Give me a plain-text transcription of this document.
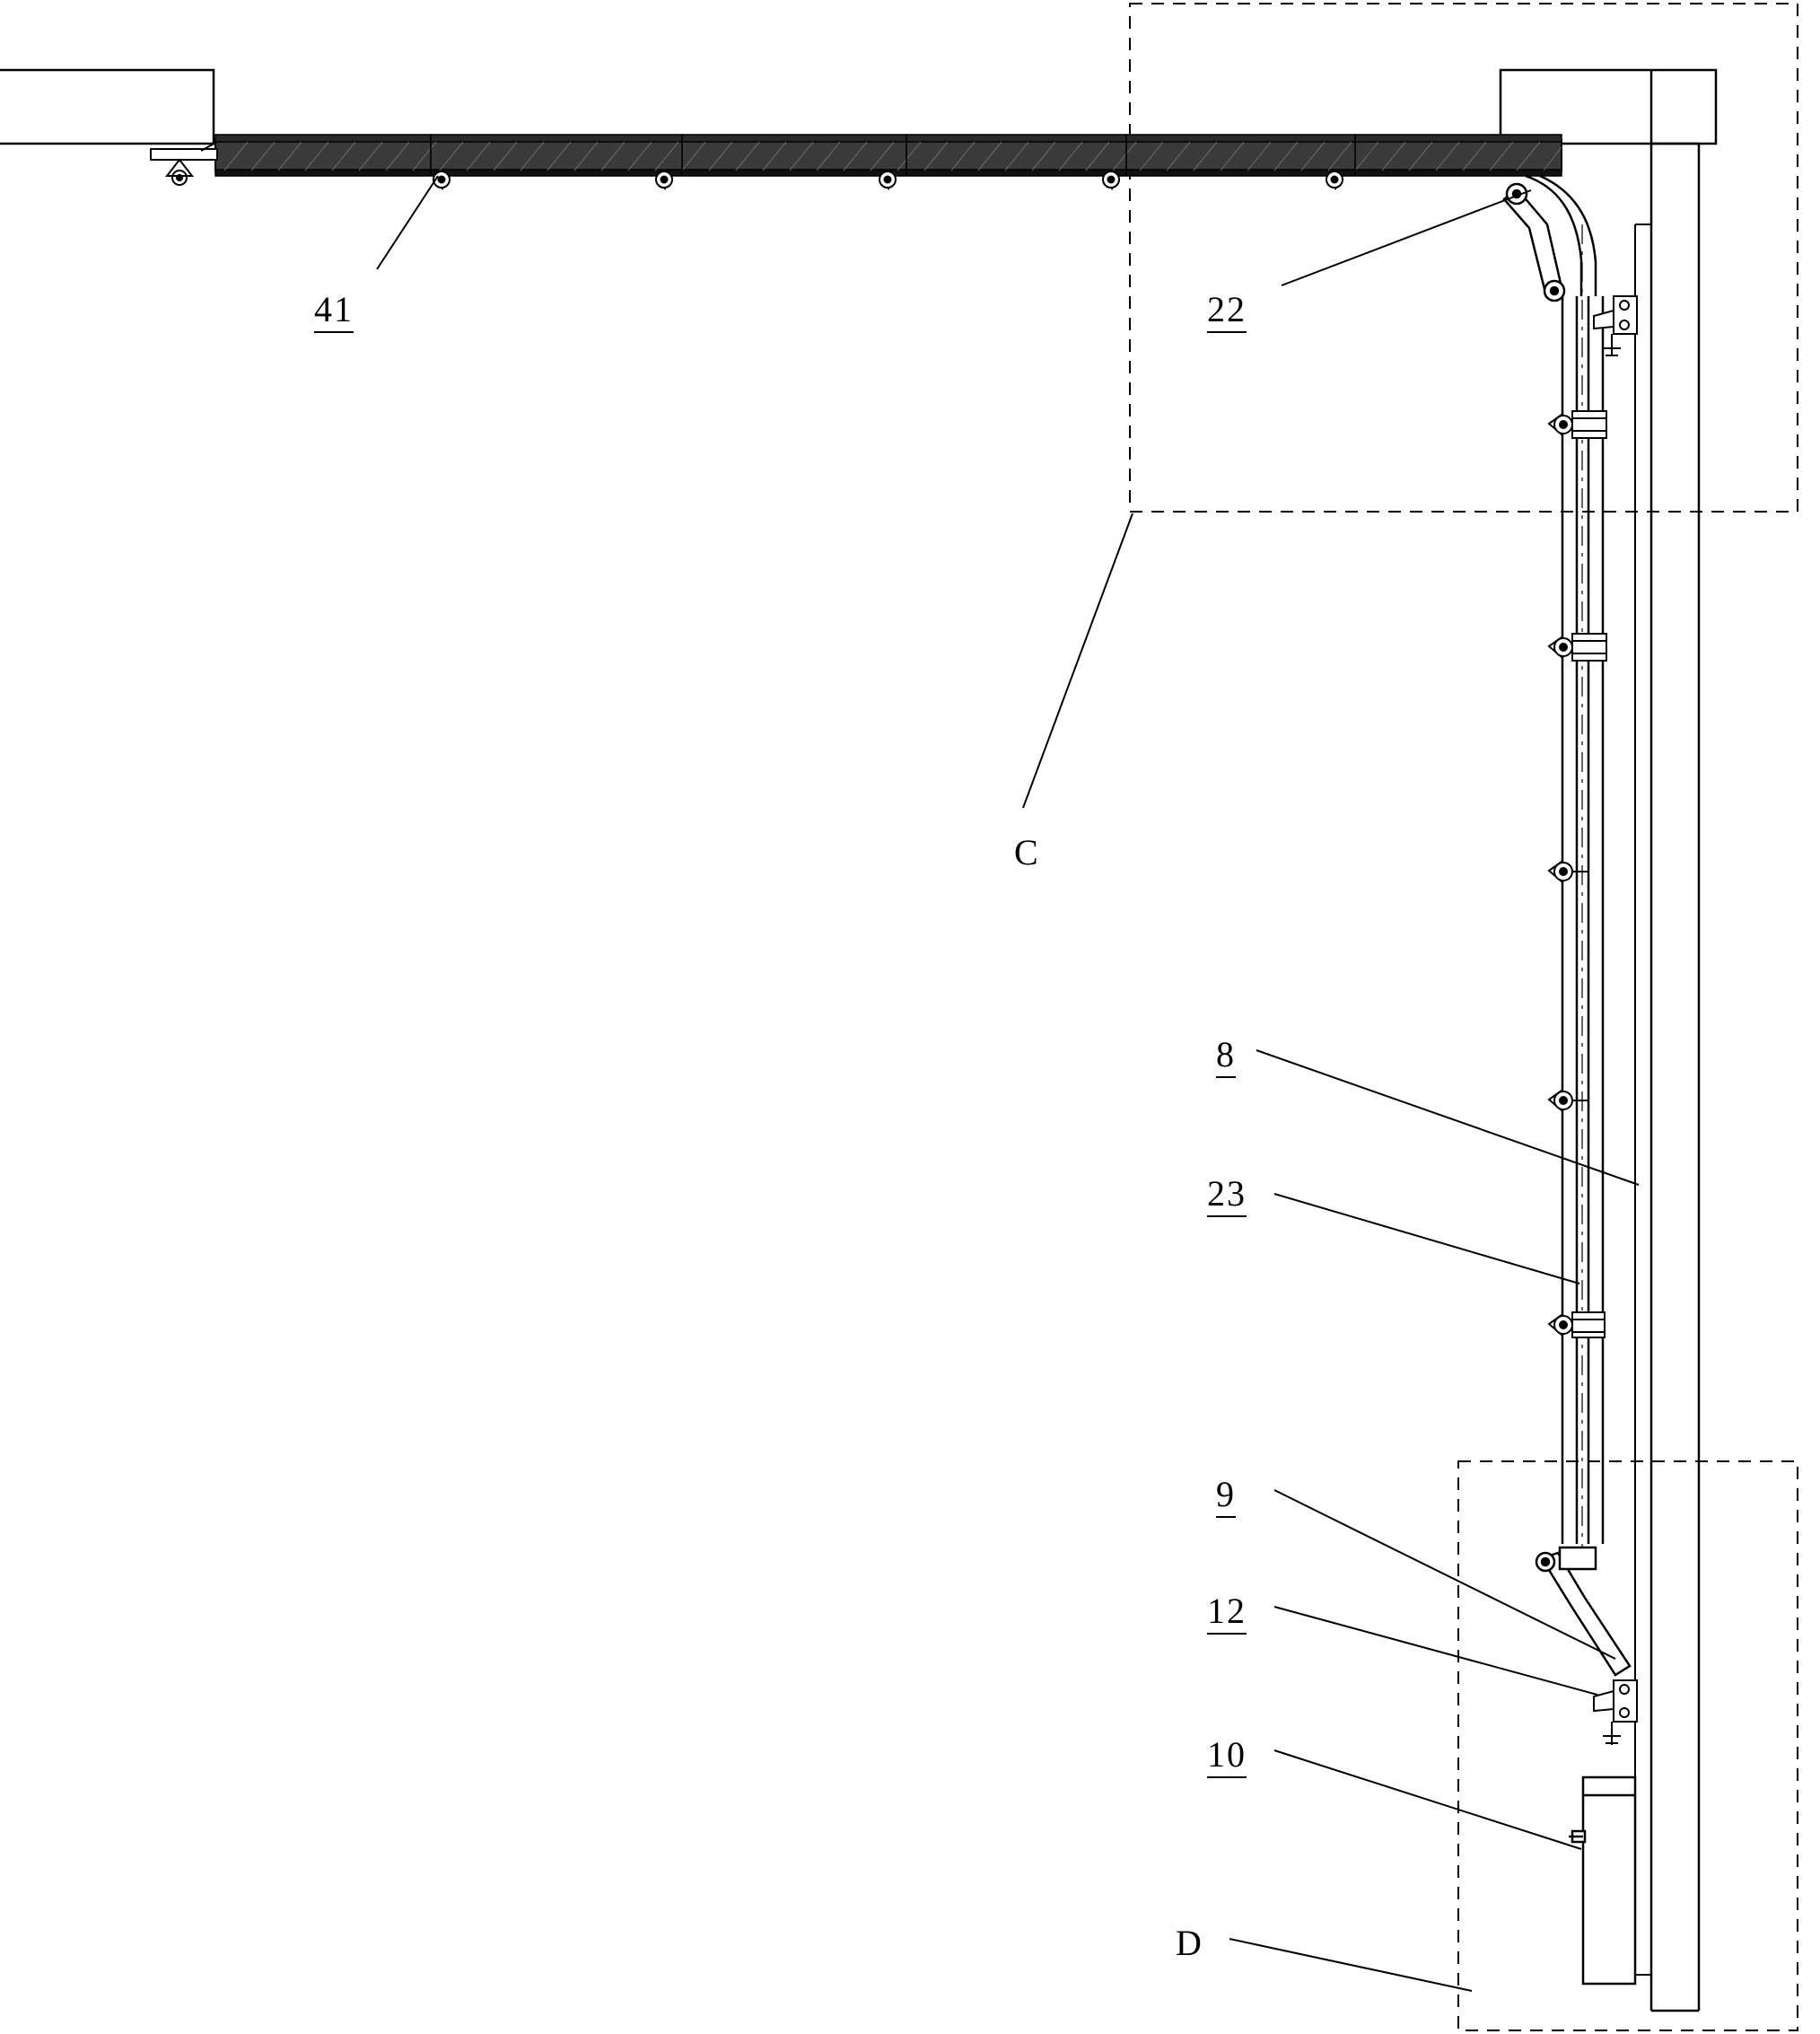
41	22
C
8
23
9
12
10
D
